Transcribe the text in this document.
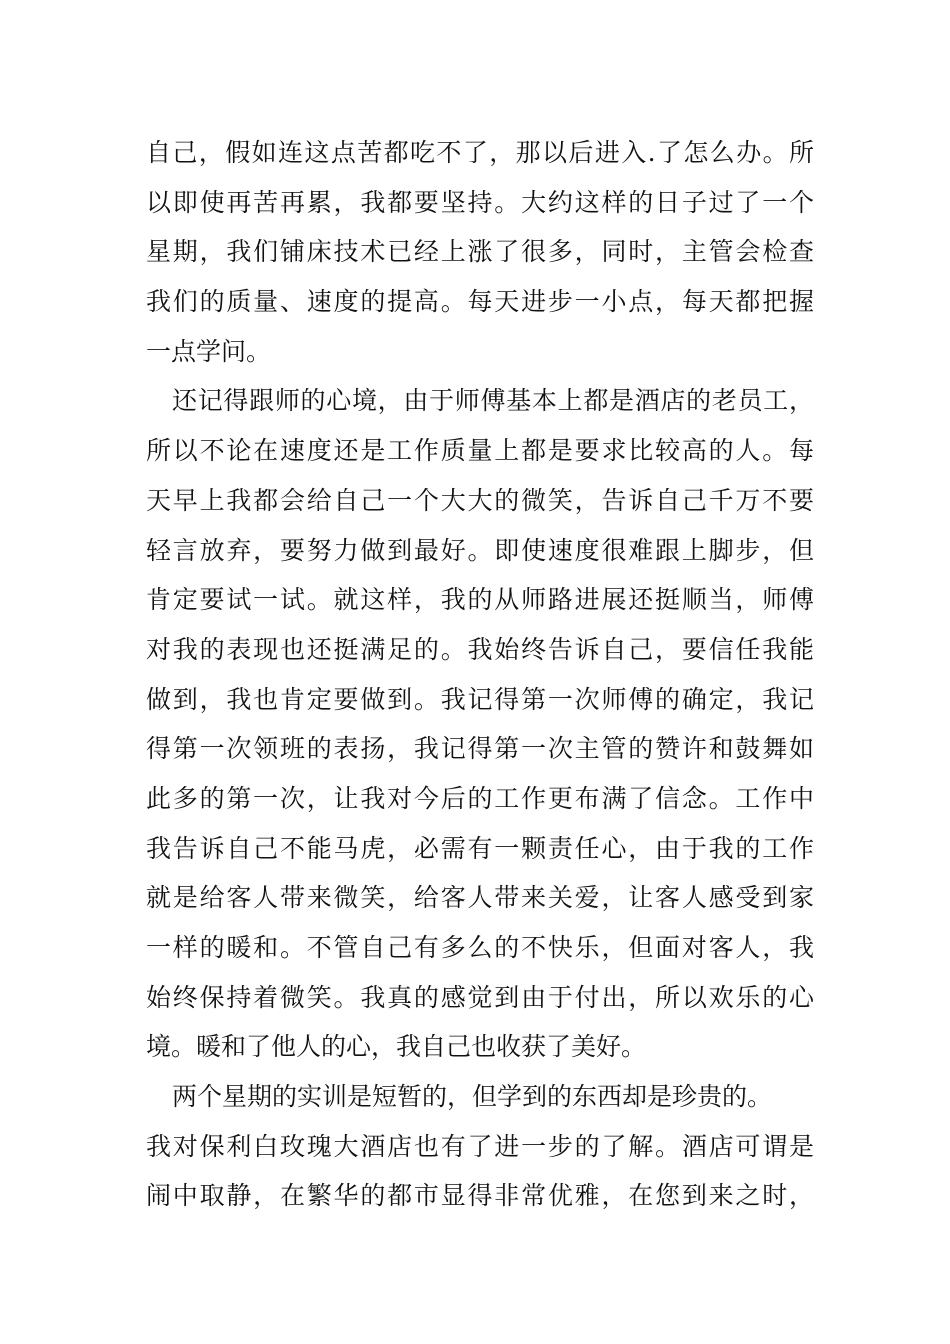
自己，假如连这点苦都吃不了，那以后进入.了怎么办。所
以即使再苦再累，我都要坚持。大约这样的日子过了一个
星期，我们铺床技术已经上涨了很多，同时，主管会检查
我们的质量、速度的提高。每天进步一小点，每天都把握
一点学问。
还记得跟师的心境，由于师傅基本上都是酒店的老员工，
所以不论在速度还是工作质量上都是要求比较高的人。每
天早上我都会给自己一个大大的微笑，告诉自己千万不要
轻言放弃，要努力做到最好。即使速度很难跟上脚步，但
肯定要试一试。就这样，我的从师路进展还挺顺当，师傅
对我的表现也还挺满足的。我始终告诉自己，要信任我能
做到，我也肯定要做到。我记得第一次师傅的确定，我记
得第一次领班的表扬，我记得第一次主管的赞许和鼓舞如
此多的第一次，让我对今后的工作更布满了信念。工作中
我告诉自己不能马虎，必需有一颗责任心，由于我的工作
就是给客人带来微笑，给客人带来关爱，让客人感受到家
一样的暖和。不管自己有多么的不快乐，但面对客人，我
始终保持着微笑。我真的感觉到由于付出，所以欢乐的心
境。暖和了他人的心，我自己也收获了美好。
两个星期的实训是短暂的，但学到的东西却是珍贵的。
我对保利白玫瑰大酒店也有了进一步的了解。酒店可谓是
闹中取静，在繁华的都市显得非常优雅，在您到来之时，
